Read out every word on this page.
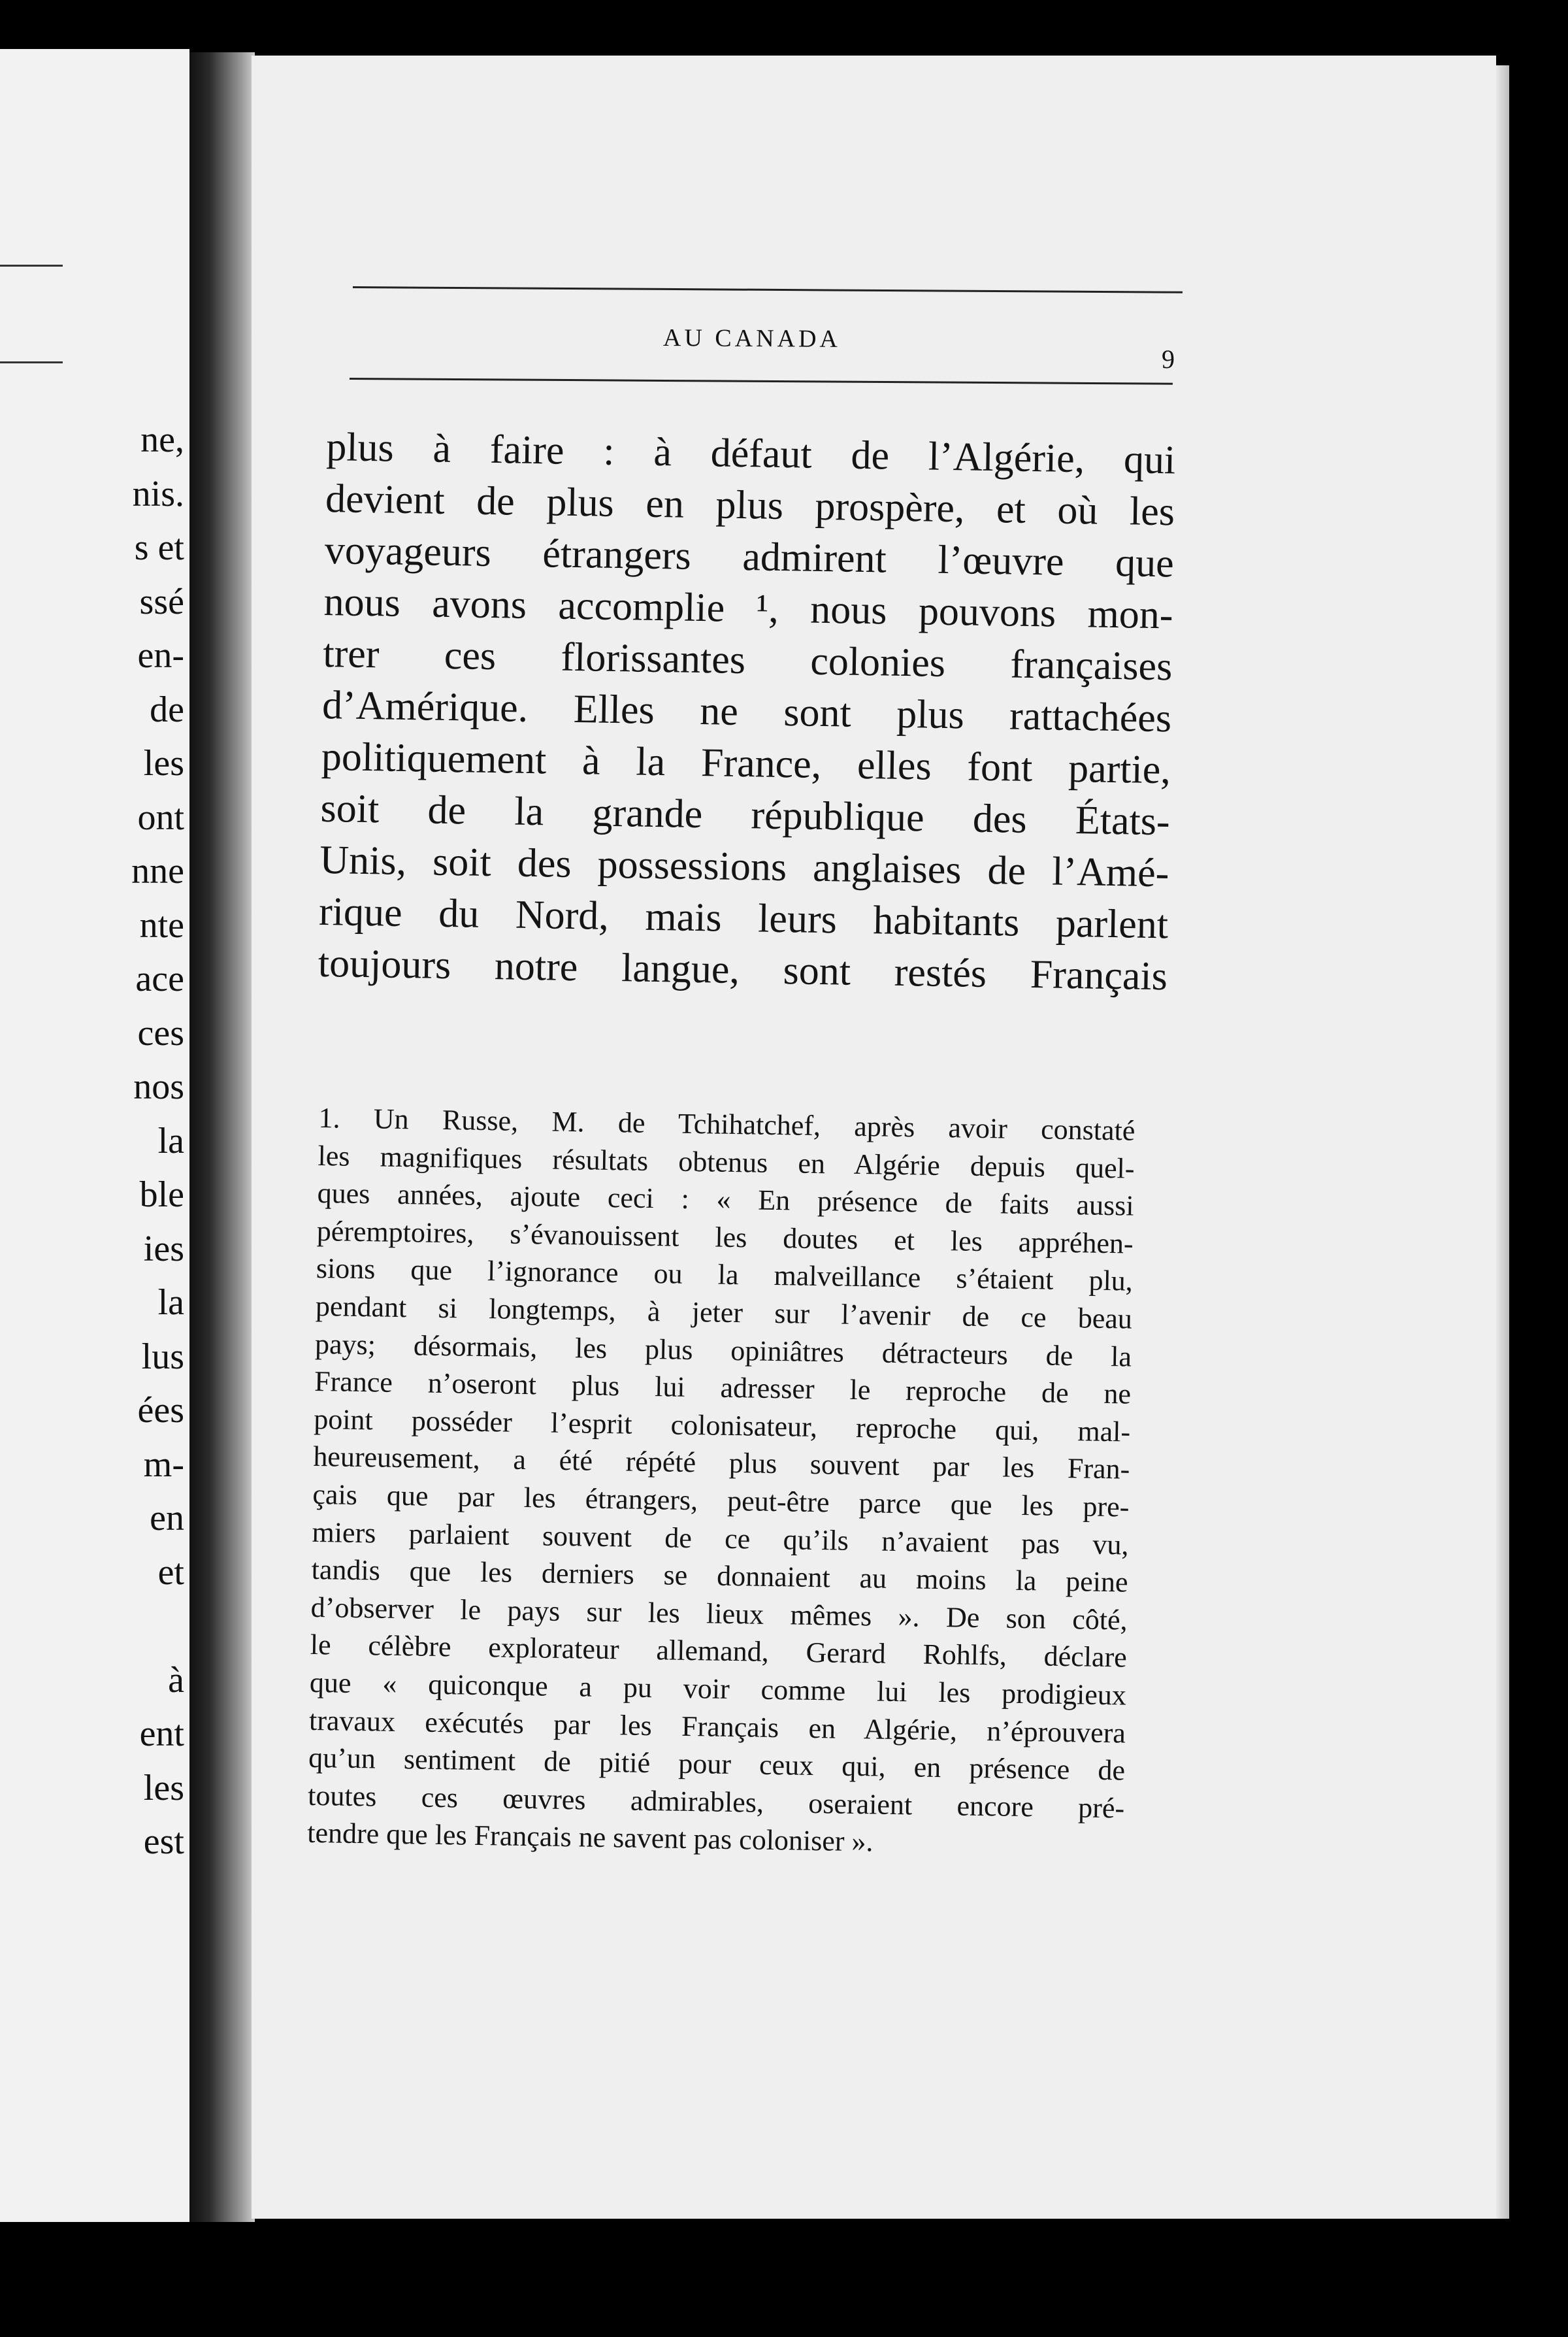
ne,
nis.
s et
ssé
en-
de
les
ont
nne
nte
ace
ces
nos
la
ble
ies
la
lus
ées
m-
en
et
à
ent
les
est
AU CANADA
9
plus à faire : à défaut de l’Algérie, qui
devient de plus en plus prospère, et où les
voyageurs étrangers admirent l’œuvre que
nous avons accomplie ¹, nous pouvons mon-
trer ces florissantes colonies françaises
d’Amérique. Elles ne sont plus rattachées
politiquement à la France, elles font partie,
soit de la grande république des États-
Unis, soit des possessions anglaises de l’Amé-
rique du Nord, mais leurs habitants parlent
toujours notre langue, sont restés Français
1. Un Russe, M. de Tchihatchef, après avoir constaté
les magnifiques résultats obtenus en Algérie depuis quel-
ques années, ajoute ceci : « En présence de faits aussi
péremptoires, s’évanouissent les doutes et les appréhen-
sions que l’ignorance ou la malveillance s’étaient plu,
pendant si longtemps, à jeter sur l’avenir de ce beau
pays; désormais, les plus opiniâtres détracteurs de la
France n’oseront plus lui adresser le reproche de ne
point posséder l’esprit colonisateur, reproche qui, mal-
heureusement, a été répété plus souvent par les Fran-
çais que par les étrangers, peut-être parce que les pre-
miers parlaient souvent de ce qu’ils n’avaient pas vu,
tandis que les derniers se donnaient au moins la peine
d’observer le pays sur les lieux mêmes ». De son côté,
le célèbre explorateur allemand, Gerard Rohlfs, déclare
que « quiconque a pu voir comme lui les prodigieux
travaux exécutés par les Français en Algérie, n’éprouvera
qu’un sentiment de pitié pour ceux qui, en présence de
toutes ces œuvres admirables, oseraient encore pré-
tendre que les Français ne savent pas coloniser ».
